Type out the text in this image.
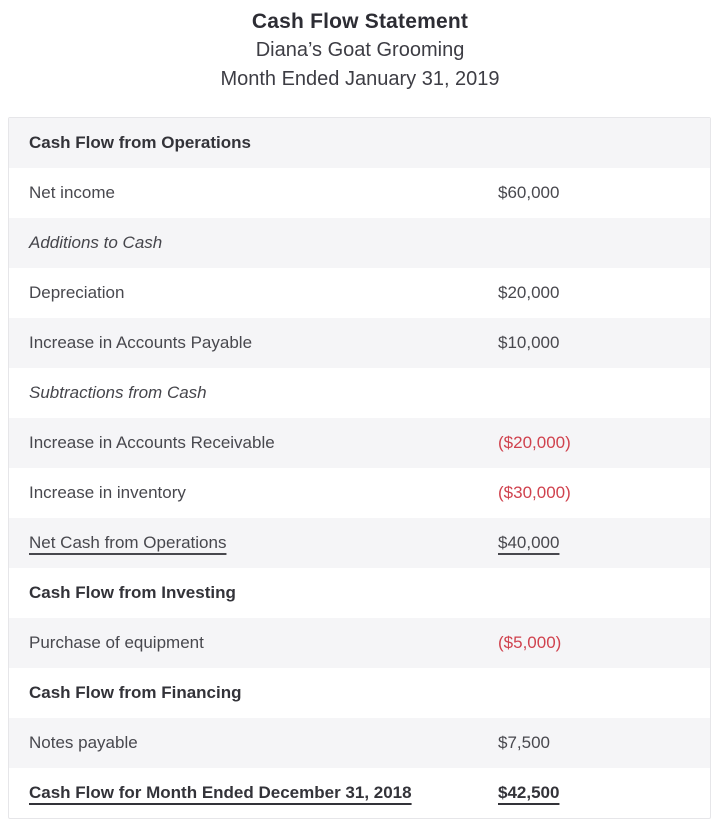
Cash Flow Statement
Diana’s Goat Grooming
Month Ended January 31, 2019
Cash Flow from Operations
Net income	$60,000
Additions to Cash
Depreciation	$20,000
Increase in Accounts Payable	$10,000
Subtractions from Cash
Increase in Accounts Receivable	($20,000)
Increase in inventory	($30,000)
Net Cash from Operations	$40,000
Cash Flow from Investing
Purchase of equipment	($5,000)
Cash Flow from Financing
Notes payable	$7,500
Cash Flow for Month Ended December 31, 2018	$42,500
